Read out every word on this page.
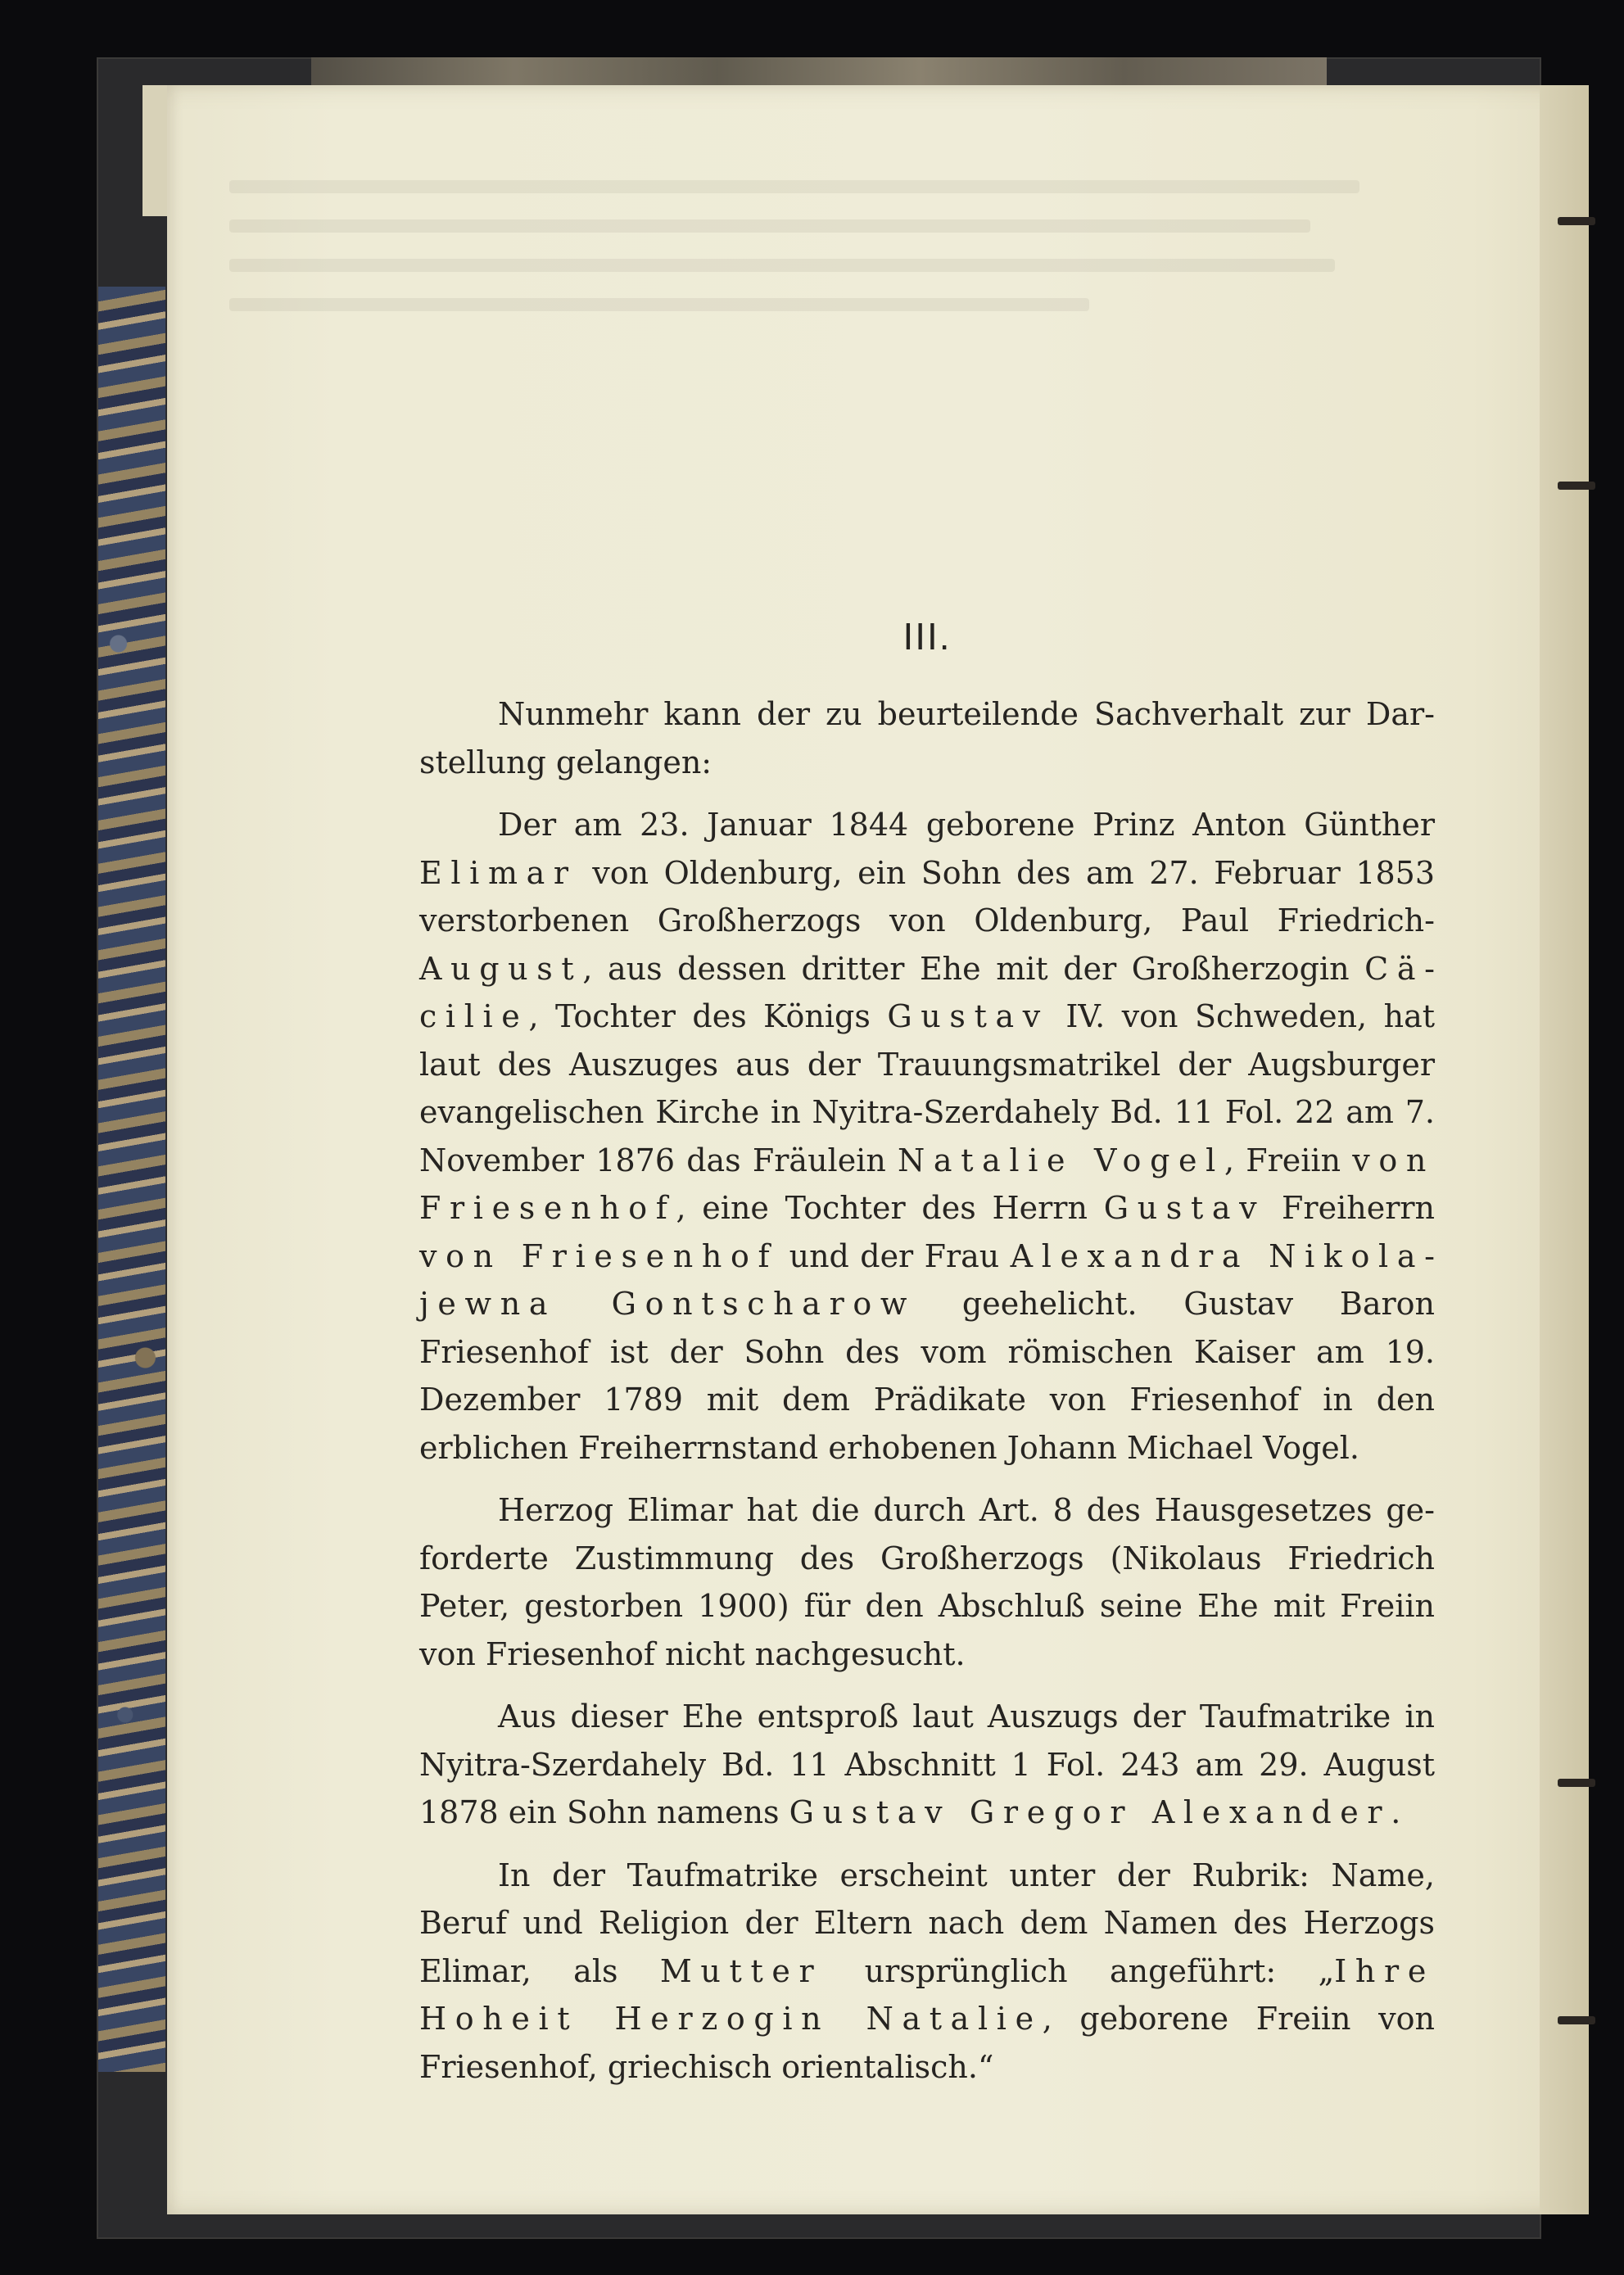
III.

Nunmehr kann der zu beurteilende Sachverhalt zur Darstellung gelangen:

Der am 23. Januar 1844 geborene Prinz Anton Günther Elimar von Oldenburg, ein Sohn des am 27. Februar 1853 verstorbenen Großherzogs von Oldenburg, Paul Friedrich-August, aus dessen dritter Ehe mit der Großherzogin Cäcilie, Tochter des Königs Gustav IV. von Schweden, hat laut des Auszuges aus der Trauungsmatrikel der Augsburger evangelischen Kirche in Nyitra-Szerdahely Bd. 11 Fol. 22 am 7. November 1876 das Fräulein Natalie Vogel, Freiin von Friesenhof, eine Tochter des Herrn Gustav Freiherrn von Friesenhof und der Frau Alexandra Nikolajewna Gontscharow geehelicht. Gustav Baron Friesenhof ist der Sohn des vom römischen Kaiser am 19. Dezember 1789 mit dem Prädikate von Friesenhof in den erblichen Freiherrnstand erhobenen Johann Michael Vogel.

Herzog Elimar hat die durch Art. 8 des Hausgesetzes geforderte Zustimmung des Großherzogs (Nikolaus Friedrich Peter, gestorben 1900) für den Abschluß seine Ehe mit Freiin von Friesenhof nicht nachgesucht.

Aus dieser Ehe entsproß laut Auszugs der Taufmatrike in Nyitra-Szerdahely Bd. 11 Abschnitt 1 Fol. 243 am 29. August 1878 ein Sohn namens Gustav Gregor Alexander.

In der Taufmatrike erscheint unter der Rubrik: Name, Beruf und Religion der Eltern nach dem Namen des Herzogs Elimar, als Mutter ursprünglich angeführt: „Ihre Hoheit Herzogin Natalie, geborene Freiin von Friesenhof, griechisch orientalisch.“
